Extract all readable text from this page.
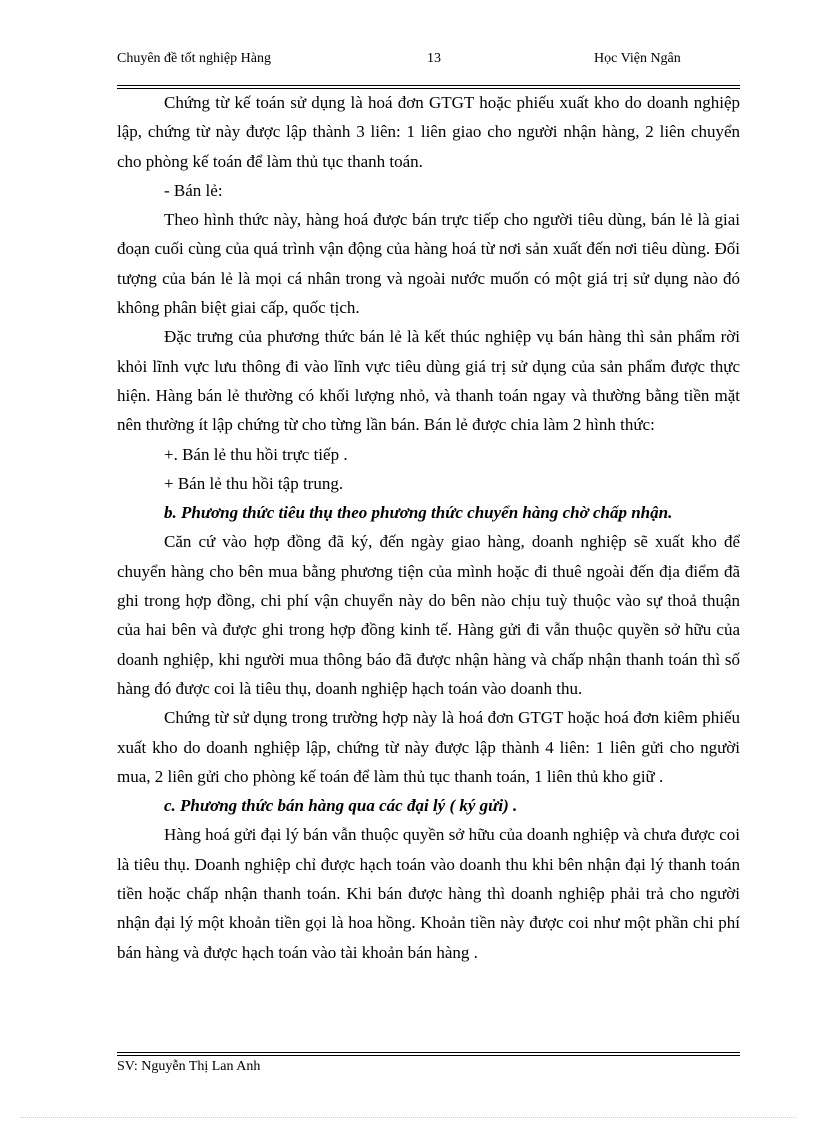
Chuyên đề tốt nghiệp Hàng	13	Học Viện Ngân

Chứng từ kế toán sử dụng là hoá đơn GTGT hoặc phiếu xuất kho do doanh nghiệp lập, chứng từ này được lập thành 3 liên: 1 liên giao cho người nhận hàng, 2 liên chuyển cho phòng kế toán để làm thủ tục thanh toán.

- Bán lẻ:

Theo hình thức này, hàng hoá được bán trực tiếp cho người tiêu dùng, bán lẻ là giai đoạn cuối cùng của quá trình vận động của hàng hoá từ nơi sản xuất đến nơi tiêu dùng. Đối tượng của bán lẻ là mọi cá nhân trong và ngoài nước muốn có một giá trị sử dụng nào đó không phân biệt giai cấp, quốc tịch.

Đặc trưng của phương thức bán lẻ là kết thúc nghiệp vụ bán hàng thì sản phẩm rời khỏi lĩnh vực lưu thông đi vào lĩnh vực tiêu dùng giá trị sử dụng của sản phẩm được thực hiện. Hàng bán lẻ thường có khối lượng nhỏ, và thanh toán ngay và thường bằng tiền mặt nên thường ít lập chứng từ cho từng lần bán. Bán lẻ được chia làm 2 hình thức:

+. Bán lẻ thu hồi trực tiếp .

+ Bán lẻ thu hồi tập trung.

b. Phương thức tiêu thụ theo phương thức chuyển hàng chờ chấp nhận.

Căn cứ vào hợp đồng đã ký, đến ngày giao hàng, doanh nghiệp sẽ xuất kho để chuyển hàng cho bên mua bằng phương tiện của mình hoặc đi thuê ngoài đến địa điểm đã ghi trong hợp đồng, chi phí vận chuyển này do bên nào chịu tuỳ thuộc vào sự thoả thuận của hai bên và được ghi trong hợp đồng kinh tế. Hàng gửi đi vẫn thuộc quyền sở hữu của doanh nghiệp, khi người mua thông báo đã được nhận hàng và chấp nhận thanh toán thì số hàng đó được coi là tiêu thụ, doanh nghiệp hạch toán vào doanh thu.

Chứng từ sử dụng trong trường hợp này là hoá đơn GTGT hoặc hoá đơn kiêm phiếu xuất kho do doanh nghiệp lập, chứng từ này được lập thành 4 liên: 1 liên gửi cho người mua, 2 liên gửi cho phòng kế toán để làm thủ tục thanh toán, 1 liên thủ kho giữ .

c. Phương thức bán hàng qua các đại lý ( ký gửi) .

Hàng hoá gửi đại lý bán vẫn thuộc quyền sở hữu của doanh nghiệp và chưa được coi là tiêu thụ. Doanh nghiệp chỉ được hạch toán vào doanh thu khi bên nhận đại lý thanh toán tiền hoặc chấp nhận thanh toán. Khi bán được hàng thì doanh nghiệp phải trả cho người nhận đại lý một khoản tiền gọi là hoa hồng. Khoản tiền này được coi như một phần chi phí bán hàng và được hạch toán vào tài khoản bán hàng .

SV: Nguyễn Thị Lan Anh
